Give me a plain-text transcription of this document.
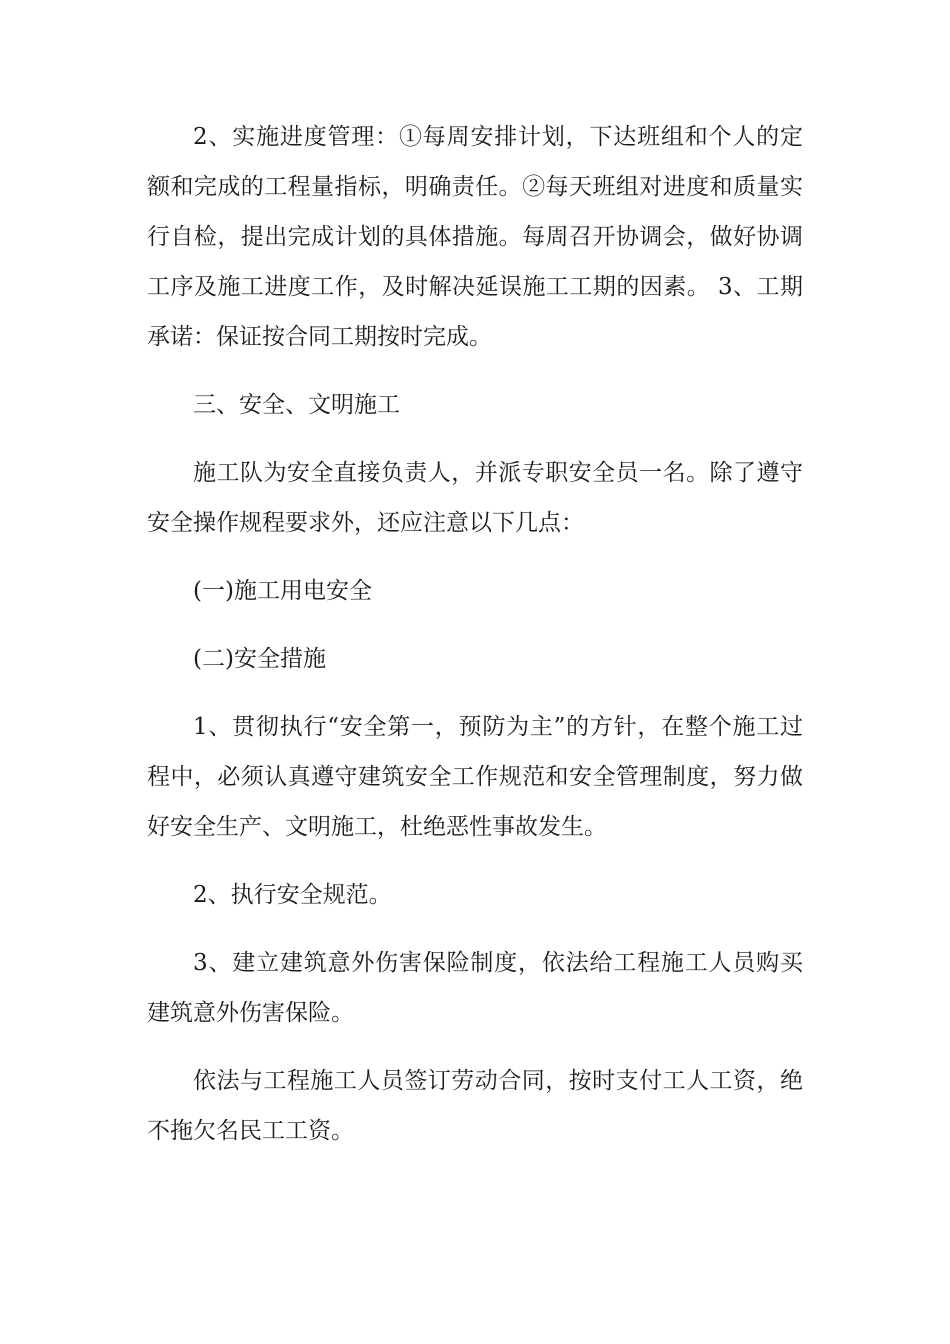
2、实施进度管理：①每周安排计划，下达班组和个人的定额和完成的工程量指标，明确责任。②每天班组对进度和质量实行自检，提出完成计划的具体措施。每周召开协调会，做好协调工序及施工进度工作，及时解决延误施工工期的因素。 3、工期承诺：保证按合同工期按时完成。

三、安全、文明施工

施工队为安全直接负责人，并派专职安全员一名。除了遵守安全操作规程要求外，还应注意以下几点：

(一)施工用电安全

(二)安全措施

1、贯彻执行“安全第一，预防为主”的方针，在整个施工过程中，必须认真遵守建筑安全工作规范和安全管理制度，努力做好安全生产、文明施工，杜绝恶性事故发生。

2、执行安全规范。

3、建立建筑意外伤害保险制度，依法给工程施工人员购买建筑意外伤害保险。

依法与工程施工人员签订劳动合同，按时支付工人工资，绝不拖欠名民工工资。
